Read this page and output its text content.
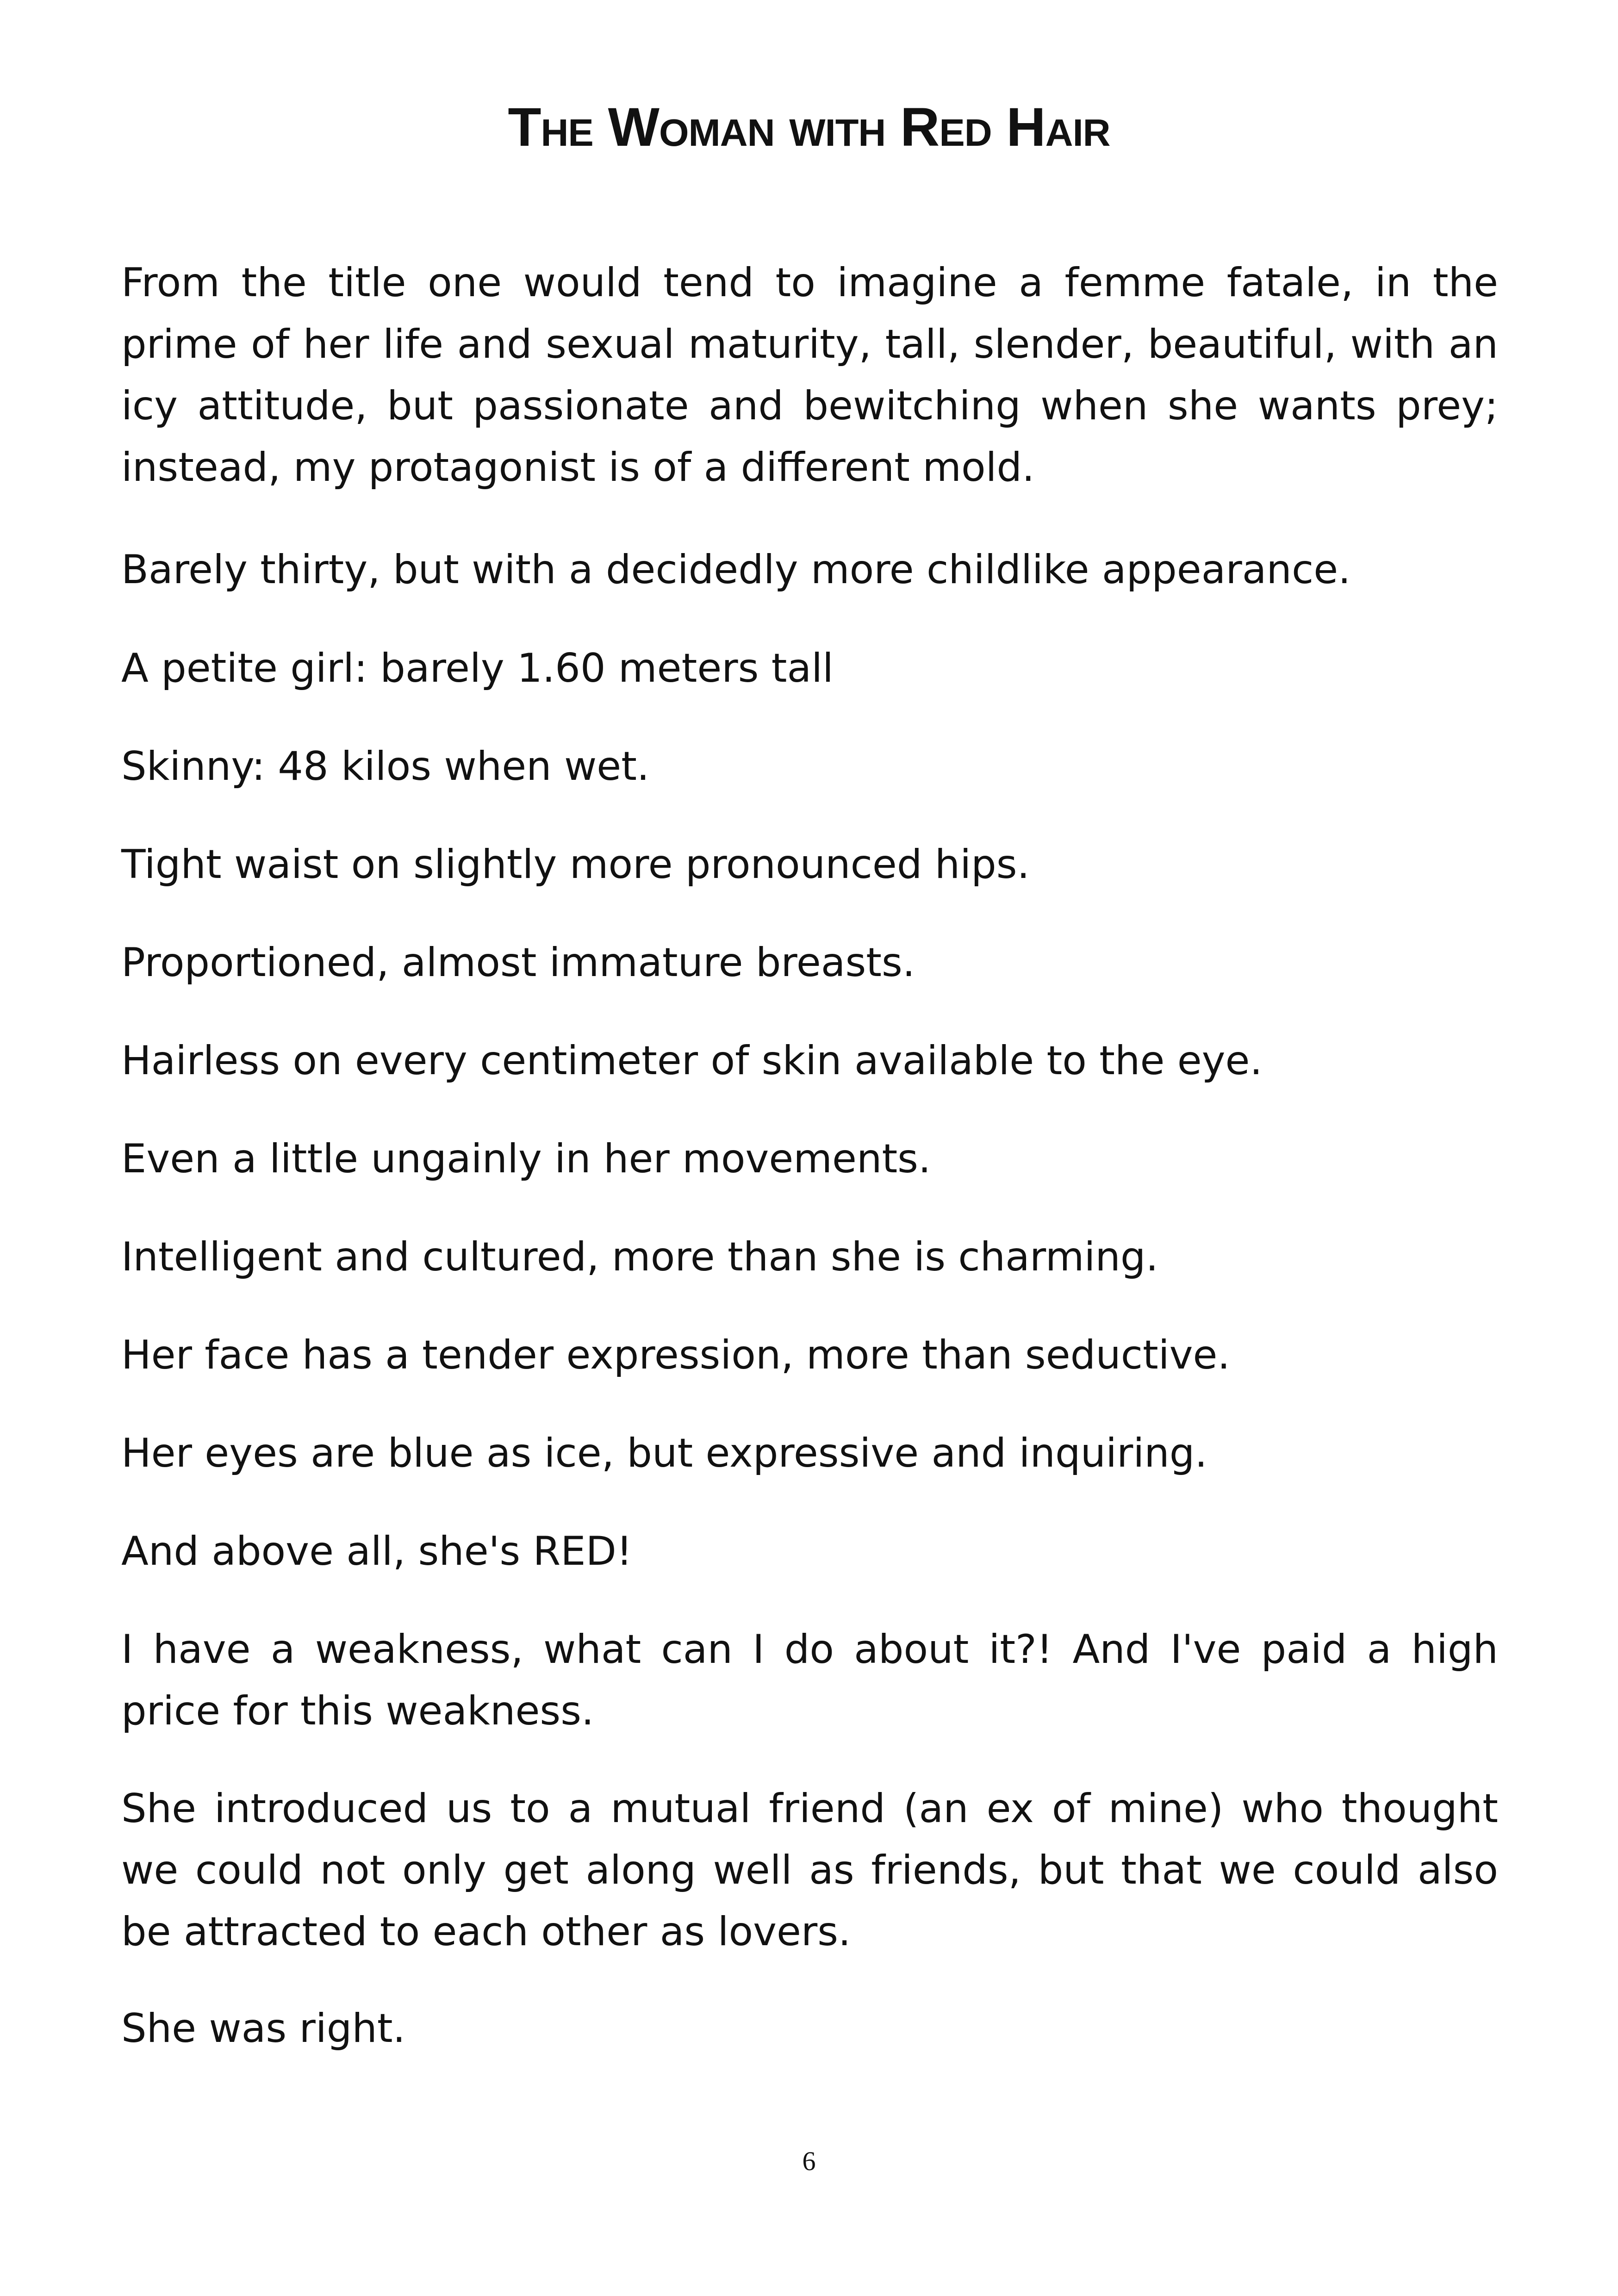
The Woman with Red Hair

From the title one would tend to imagine a femme fatale, in the prime of her life and sexual maturity, tall, slender, beautiful, with an icy attitude, but passionate and bewitching when she wants prey; instead, my protagonist is of a different mold.

Barely thirty, but with a decidedly more childlike appearance.

A petite girl: barely 1.60 meters tall

Skinny: 48 kilos when wet.

Tight waist on slightly more pronounced hips.

Proportioned, almost immature breasts.

Hairless on every centimeter of skin available to the eye.

Even a little ungainly in her movements.

Intelligent and cultured, more than she is charming.

Her face has a tender expression, more than seductive.

Her eyes are blue as ice, but expressive and inquiring.

And above all, she's RED!

I have a weakness, what can I do about it?! And I've paid a high price for this weakness.

She introduced us to a mutual friend (an ex of mine) who thought we could not only get along well as friends, but that we could also be attracted to each other as lovers.

She was right.

6
